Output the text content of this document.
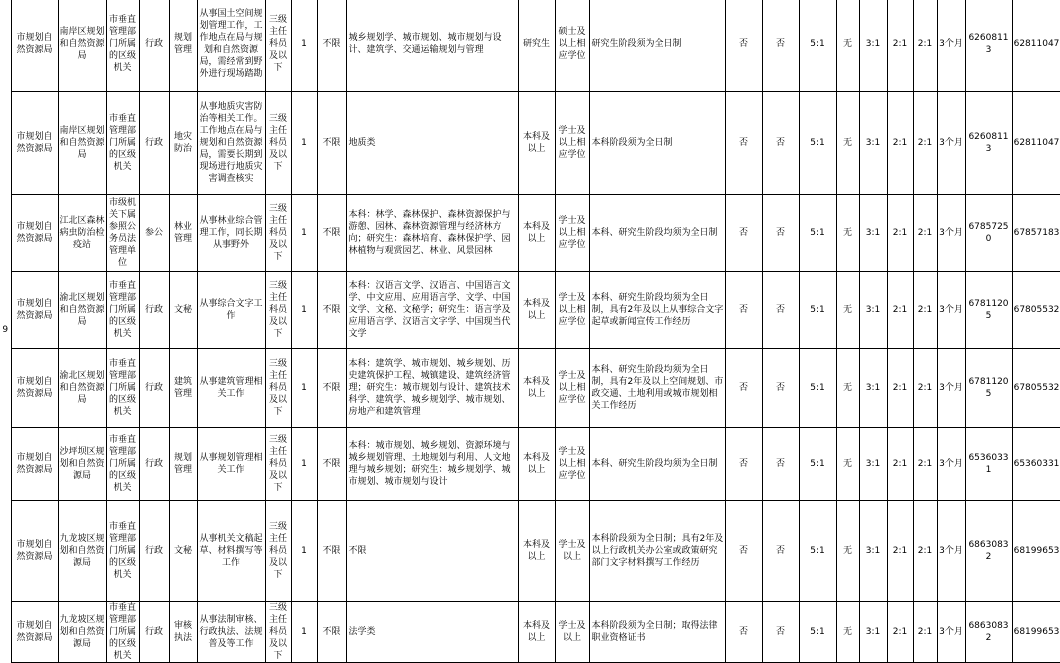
9	市规划自然资源局	南岸区规划和自然资源局	市垂直管理部门所属的区级机关	行政	规划管理	从事国土空间规划管理工作，工作地点在局与规划和自然资源局，需经常到野外进行现场踏勘	三级主任科员及以下	1	不限	城乡规划学、城市规划、城市规划与设计、建筑学、交通运输规划与管理	研究生	硕士及以上相应学位	研究生阶段须为全日制	否	否	5:1	无	3:1	2:1	2:1	3个月	62608113	62811047
	市规划自然资源局	南岸区规划和自然资源局	市垂直管理部门所属的区级机关	行政	地灾防治	从事地质灾害防治等相关工作。工作地点在局与规划和自然资源局，需要长期到现场进行地质灾害调查核实	三级主任科员及以下	1	不限	地质类	本科及以上	学士及以上相应学位	本科阶段须为全日制	否	否	5:1	无	3:1	2:1	2:1	3个月	62608113	62811047
	市规划自然资源局	江北区森林病虫防治检疫站	市级机关下属参照公务员法管理单位	参公	林业管理	从事林业综合管理工作，同长期从事野外	三级主任科员及以下	1	不限	本科：林学、森林保护、森林资源保护与游憩、园林、森林资源管理与经济林方向；研究生：森林培育、森林保护学、园林植物与观赏园艺、林业、风景园林	本科及以上	学士及以上相应学位	本科、研究生阶段均须为全日制	否	否	5:1	无	3:1	2:1	2:1	3个月	67857250	67857183
	市规划自然资源局	渝北区规划和自然资源局	市垂直管理部门所属的区级机关	行政	文秘	从事综合文字工作	三级主任科员及以下	1	不限	本科：汉语言文学、汉语言、中国语言文学、中文应用、应用语言学、文学、中国文学、文秘、文秘学；研究生：语言学及应用语言学、汉语言文字学、中国现当代文学	本科及以上	学士及以上相应学位	本科、研究生阶段均须为全日制，具有2年及以上从事综合文字起草或新闻宣传工作经历	否	否	5:1	无	3:1	2:1	2:1	3个月	67811205	67805532
	市规划自然资源局	渝北区规划和自然资源局	市垂直管理部门所属的区级机关	行政	建筑管理	从事建筑管理相关工作	三级主任科员及以下	1	不限	本科：建筑学、城市规划、城乡规划、历史建筑保护工程、城镇建设、建筑经济管理；研究生：城市规划与设计、建筑技术科学、建筑学、城乡规划学、城市规划、房地产和建筑管理	本科及以上	学士及以上相应学位	本科、研究生阶段均须为全日制，具有2年及以上空间规划、市政交通、土地利用或城市规划相关工作经历	否	否	5:1	无	3:1	2:1	2:1	3个月	67811205	67805532
	市规划自然资源局	沙坪坝区规划和自然资源局	市垂直管理部门所属的区级机关	行政	规划管理	从事规划管理相关工作	三级主任科员及以下	1	不限	本科：城市规划、城乡规划、资源环境与城乡规划管理、土地规划与利用、人文地理与城乡规划；研究生：城乡规划学、城市规划、城市规划与设计	本科及以上	学士及以上相应学位	本科、研究生阶段均须为全日制	否	否	5:1	无	3:1	2:1	2:1	3个月	65360331	65360331
	市规划自然资源局	九龙坡区规划和自然资源局	市垂直管理部门所属的区级机关	行政	文秘	从事机关文稿起草、材料撰写等工作	三级主任科员及以下	1	不限	不限	本科及以上	学士及以上	本科阶段须为全日制；具有2年及以上行政机关办公室或政策研究部门文字材料撰写工作经历	否	否	5:1	无	3:1	2:1	2:1	3个月	68630832	68199653
	市规划自然资源局	九龙坡区规划和自然资源局	市垂直管理部门所属的区级机关	行政	审核执法	从事法制审核、行政执法、法规普及等工作	三级主任科员及以下	1	不限	法学类	本科及以上	学士及以上	本科阶段须为全日制；取得法律职业资格证书	否	否	5:1	无	3:1	2:1	2:1	3个月	68630832	68199653
